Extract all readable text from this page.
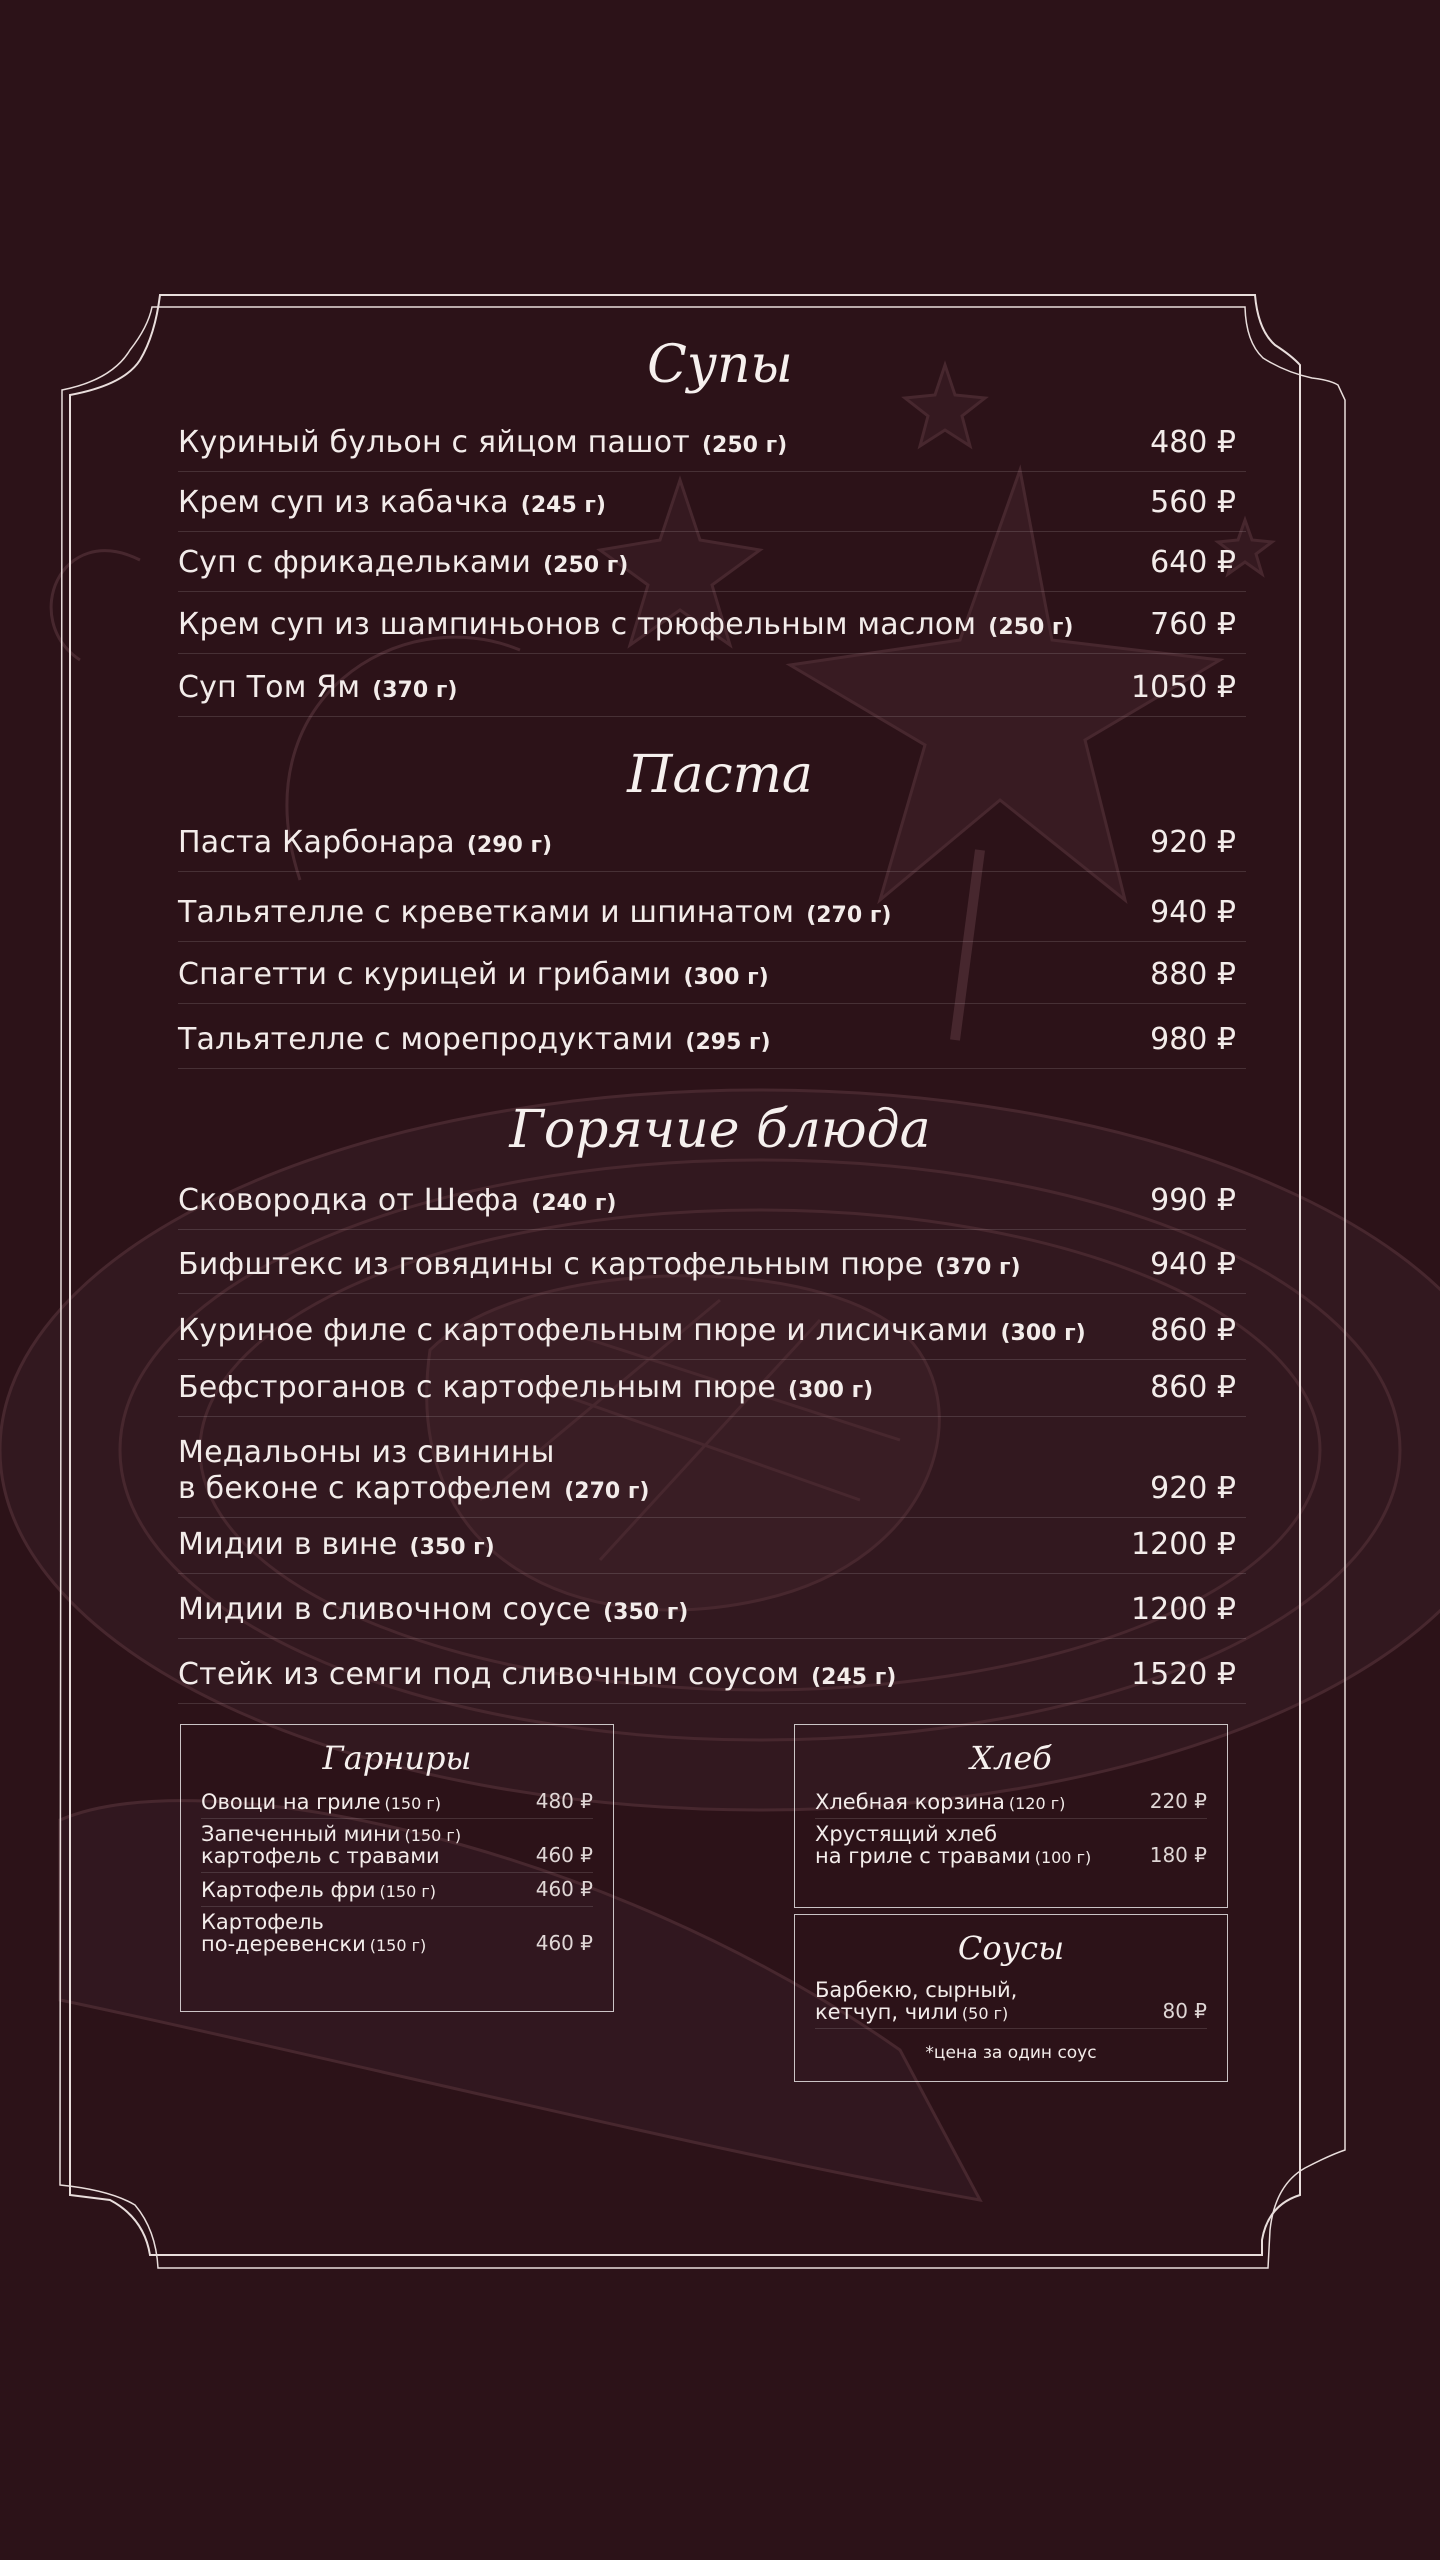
Супы
Куриный бульон с яйцом пашот (250 г)	480 ₽
Крем суп из кабачка (245 г)	560 ₽
Суп с фрикадельками (250 г)	640 ₽
Крем суп из шампиньонов с трюфельным маслом (250 г)	760 ₽
Суп Том Ям (370 г)	1050 ₽
Паста
Паста Карбонара (290 г)	920 ₽
Тальятелле с креветками и шпинатом (270 г)	940 ₽
Спагетти с курицей и грибами (300 г)	880 ₽
Тальятелле с морепродуктами (295 г)	980 ₽
Горячие блюда
Сковородка от Шефа (240 г)	990 ₽
Бифштекс из говядины с картофельным пюре (370 г)	940 ₽
Куриное филе с картофельным пюре и лисичками (300 г) 860 ₽
Бефстроганов с картофельным пюре (300 г)	860 ₽
Медальоны из свинины
в беконе с картофелем (270 г)	920 ₽
Мидии в вине (350 г)	1200 ₽
Мидии в сливочном соусе (350 г)	1200 ₽
Стейк из семги под сливочным соусом (245 г)	1520 ₽
Гарниры
Овощи на гриле (150 г)	480 ₽
Запеченный мини (150 г)
картофель с травами	460 ₽
Картофель фри (150 г)	460 ₽
Картофель
по-деревенски (150 г)	460 ₽
Хлеб
Хлебная корзина (120 г)	220 ₽
Хрустящий хлеб
на гриле с травами (100 г)	180 ₽
Соусы
Барбекю, сырный,
кетчуп, чили (50 г)	80 ₽
*цена за один соус
